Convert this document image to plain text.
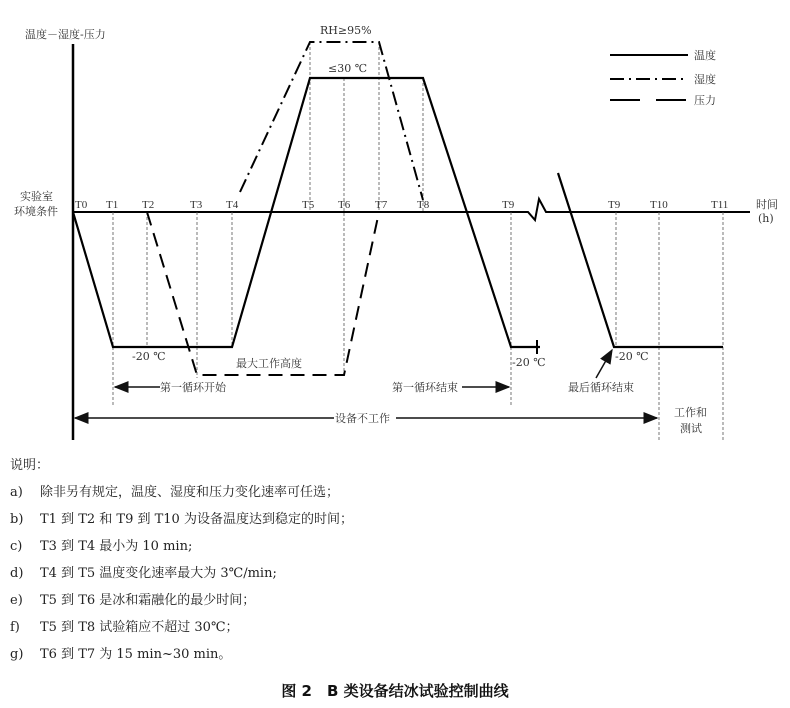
温度－湿度-压力
实验室
环境条件
时间
(h)
T0 T1 T2	T3 T4	T5 T6 T7	T8	T9	T9	T10	T11
RH≥95%
≤30 ℃
-20 ℃	-20 ℃	-20 ℃
最大工作高度
第一循环开始	第一循环结束	最后循环结束
设备不工作	工作和
测试
温度
湿度
压力
说明：
a)	除非另有规定，温度、湿度和压力变化速率可任选；
b)	T1 到 T2 和 T9 到 T10 为设备温度达到稳定的时间；
c)	T3 到 T4 最小为 10 min;
d)	T4 到 T5 温度变化速率最大为 3℃/min;
e)	T5 到 T6 是冰和霜融化的最少时间；
f)	T5 到 T8 试验箱应不超过 30℃；
g)	T6 到 T7 为 15 min~30 min。
图 2　B 类设备结冰试验控制曲线
